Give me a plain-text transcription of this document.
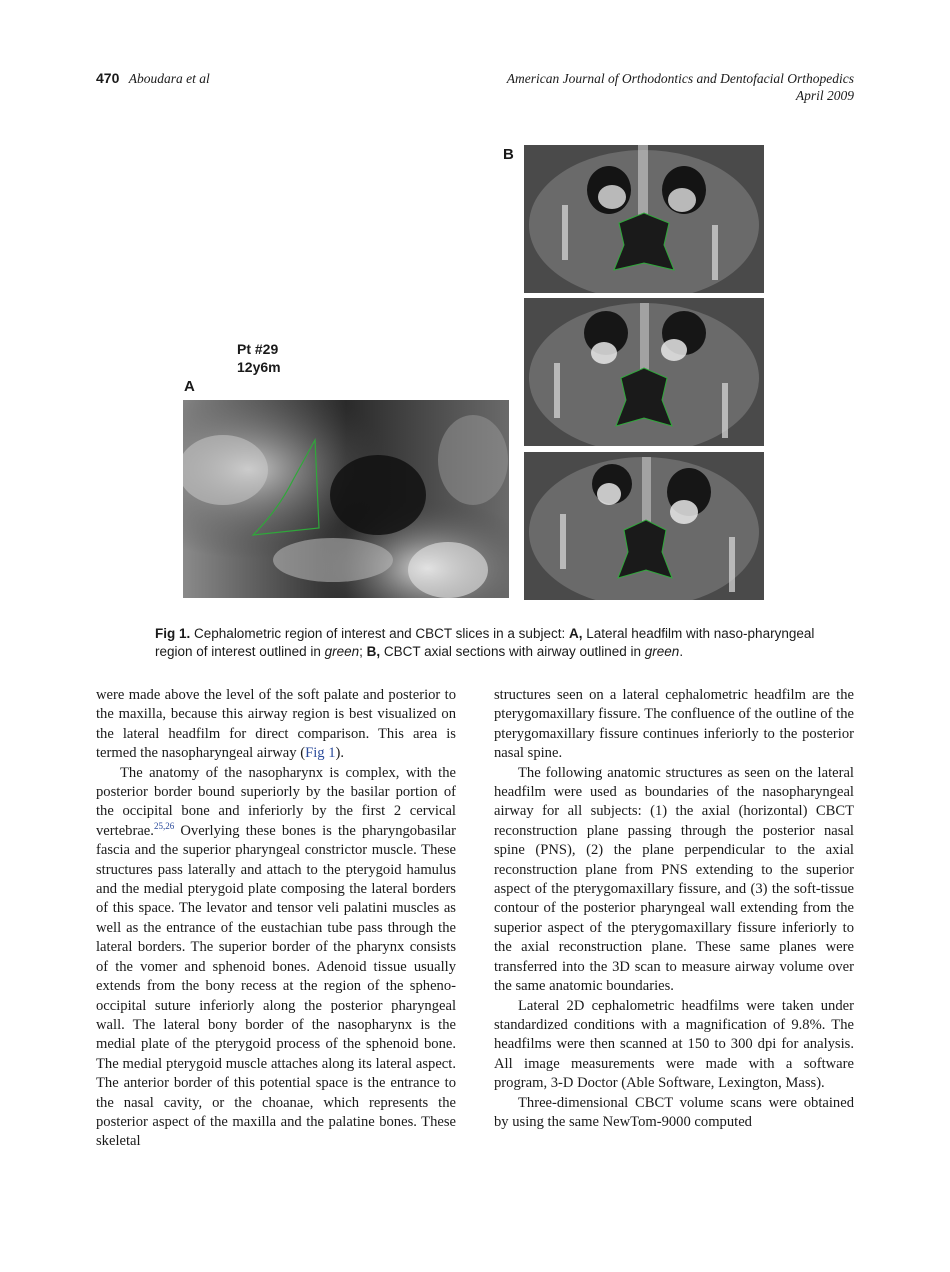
470 Aboudara et al	American Journal of Orthodontics and Dentofacial Orthopedics
April 2009
B
Pt #29
12y6m
A
Fig 1. Cephalometric region of interest and CBCT slices in a subject: A, Lateral headfilm with naso-pharyngeal region of interest outlined in green; B, CBCT axial sections with airway outlined in green.

were made above the level of the soft palate and posterior to the maxilla, because this airway region is best visualized on the lateral headfilm for direct comparison. This area is termed the nasopharyngeal airway (Fig 1).

The anatomy of the nasopharynx is complex, with the posterior border bound superiorly by the basilar portion of the occipital bone and inferiorly by the first 2 cervical vertebrae.$^{25,26}$ Overlying these bones is the pharyngobasilar fascia and the superior pharyngeal constrictor muscle. These structures pass laterally and attach to the pterygoid hamulus and the medial pterygoid plate composing the lateral borders of this space. The levator and tensor veli palatini muscles as well as the entrance of the eustachian tube pass through the lateral borders. The superior border of the pharynx consists of the vomer and sphenoid bones. Adenoid tissue usually extends from the bony recess at the region of the spheno-occipital suture inferiorly along the posterior pharyngeal wall. The lateral bony border of the nasopharynx is the medial plate of the pterygoid process of the sphenoid bone. The medial pterygoid muscle attaches along its lateral aspect. The anterior border of this potential space is the entrance to the nasal cavity, or the choanae, which represents the posterior aspect of the maxilla and the palatine bones. These skeletal

structures seen on a lateral cephalometric headfilm are the pterygomaxillary fissure. The confluence of the outline of the pterygomaxillary fissure continues inferiorly to the posterior nasal spine.

The following anatomic structures as seen on the lateral headfilm were used as boundaries of the nasopharyngeal airway for all subjects: (1) the axial (horizontal) CBCT reconstruction plane passing through the posterior nasal spine (PNS), (2) the plane perpendicular to the axial reconstruction plane from PNS extending to the superior aspect of the pterygomaxillary fissure, and (3) the soft-tissue contour of the posterior pharyngeal wall extending from the superior aspect of the pterygomaxillary fissure inferiorly to the axial reconstruction plane. These same planes were transferred into the 3D scan to measure airway volume over the same anatomic boundaries.

Lateral 2D cephalometric headfilms were taken under standardized conditions with a magnification of 9.8%. The headfilms were then scanned at 150 to 300 dpi for analysis. All image measurements were made with a software program, 3-D Doctor (Able Software, Lexington, Mass).

Three-dimensional CBCT volume scans were obtained by using the same NewTom-9000 computed
